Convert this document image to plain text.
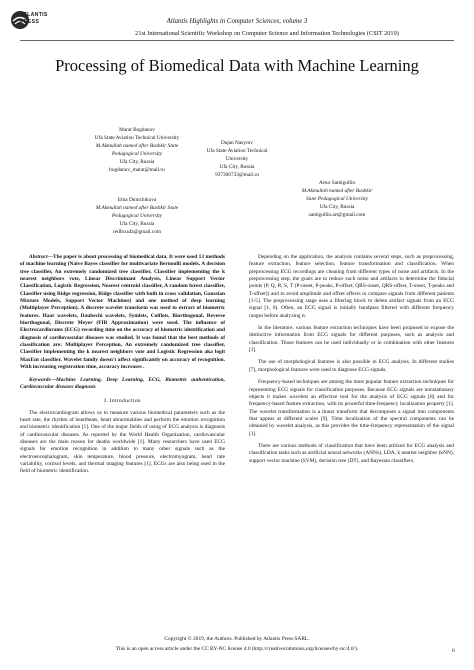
ATLANTIS
PRESS	Atlantis Highlights in Computer Sciences, volume 3
21st International Scientific Workshop on Computer Science and Information Technologies (CSIT 2019)
Processing of Biomedical Data with Machine Learning
Marat Bogdanov
Ufa State Aviation Technical University
M.Akmullah named after Bashkir State
Pedagogical University
Ufa City, Russia
bogdanov_marat@mail.ru
Dajan Nasyrov
Ufa State Aviation Technical
University
Ufa City, Russia
937300733@mail.ru
Irina Dumchikova
M.Akmullah named after Bashkir State
Pedagogical University
Ufa City, Russia
redfoxufa@gmail.com
Artur Samigullin
M.Akmullah named after Bashkir
State Pedagogical University
Ufa City, Russia
samigullin.art@gmail.com

Abstract—The paper is about processing of biomedical data. It were used 13 methods of machine learning (Naive Bayes classifier for multivariate Bernoulli models, A decision tree classifier, An extremely randomized tree classifier, Classifier implementing the k nearest neighbors vote, Linear Discriminant Analysis, Linear Support Vector Classification, Logistic Regression, Nearest centroid classifier, A random forest classifier, Classifier using Ridge regression, Ridge classifier with built in cross validation, Gaussian Mixture Models, Support Vector Machines) and one method of deep learning (Multiplayer Perception). A discrete wavelet transform was used to extract of biometric features. Haar wavelets, Daubechi wavelets, Symlets, Coiflets, Biorthogonal, Reverse biorthogonal, Discrete Meyer (FIR Approximation) were used. The influence of Electrocardiorams (ECG) recording time on the accuracy of biometric identification and diagnosis of cardiovascular diseases was studied. It was found that the best methods of classification are: Multiplayer Perception, An extremely randomized tree classifier, Classifier implementing the k nearest neighbors vote and Logistic Regression aka logit MaxEnt classifier. Wavelet family doesn't affect significantly on accuracy of recognition. With increasing registration time, accuracy increases .

Keywords—Machine Learning, Deep Learning, ECG, Biometric authentication, Cardiovascular diseases diagnosis

I. Introduction

The electrocardiogram allows us to measure various biomedical parameters such as the heart rate, the rhythm of heartbeats, heart abnormalities and perform the emotion recognition and biometric identification [1]. One of the major fields of using of ECG analysis is diagnosis of cardiovascular diseases. As reported by the World Health Organization, cardiovascular diseases are the main reason for deaths worldwide [1]. Many researchers have used ECG signals for emotion recognition in addition to many other signals such as the electroencephalogram, skin temperature, blood pressure, electromyogram, heart rate variability, cortisol levels, and thermal imaging features [1]. ECGs are also being used in the field of biometric identification.

Depending on the application, the analysis contains several steps, such as preprocessing, feature extraction, feature selection, feature transformation and classification. When preprocessing ECG recordings are cleaning from different types of noise and artifacts. In the preprocessing step, the goals are to reduce such noise and artifacts to determine the fiducial points (P, Q, R, S, T (P-onset, P-peaks, P-offset, QRS-onset, QRS-offset, T-onset, T-peaks and T-offset)) and to avoid amplitude and offset effects to compare signals from different patients [1-5]. The preprocessing stage uses a filtering block to delete artifact signals from an ECG signal [1, 6]. Often, an ECG signal is initially bandpass filtered with different frequency ranges before analyzing it.

In the literature, various feature extraction techniques have been proposed to expose the distinctive information from ECG signals for different purposes, such as analysis and classification. Those features can be used individually or in combination with other features [1].

The use of morphological features is also possible in ECG analysis. In different studies [7], morphological features were used to diagnose ECG signals.

Frequency-based techniques are among the most popular feature extraction techniques for representing ECG signals for classification purposes. Because ECG signals are nonstationary objects it makes wavelets an effective tool for the analysis of ECG signals [8] and for frequency-based feature extraction, with its powerful time-frequency localization property [1]. The wavelet transformation is a linear transform that decomposes a signal into components that appear at different scales [9]. Time localization of the spectral components can be obtained by wavelet analysis, as this provides the time-frequency representation of the signal [1].

There are various methods of classification that have been utilized for ECG analysis and classification tasks such as artificial neural networks (ANNs), LDA, k nearest neighbor (kNN), support vector machine (SVM), decision tree (DT), and Bayesian classifiers.

Copyright © 2019, the Authors. Published by Atlantis Press SARL.
This is an open access article under the CC BY-NC license 4.0 (http://creativecommons.org/licenses/by-nc/4.0/).	6
